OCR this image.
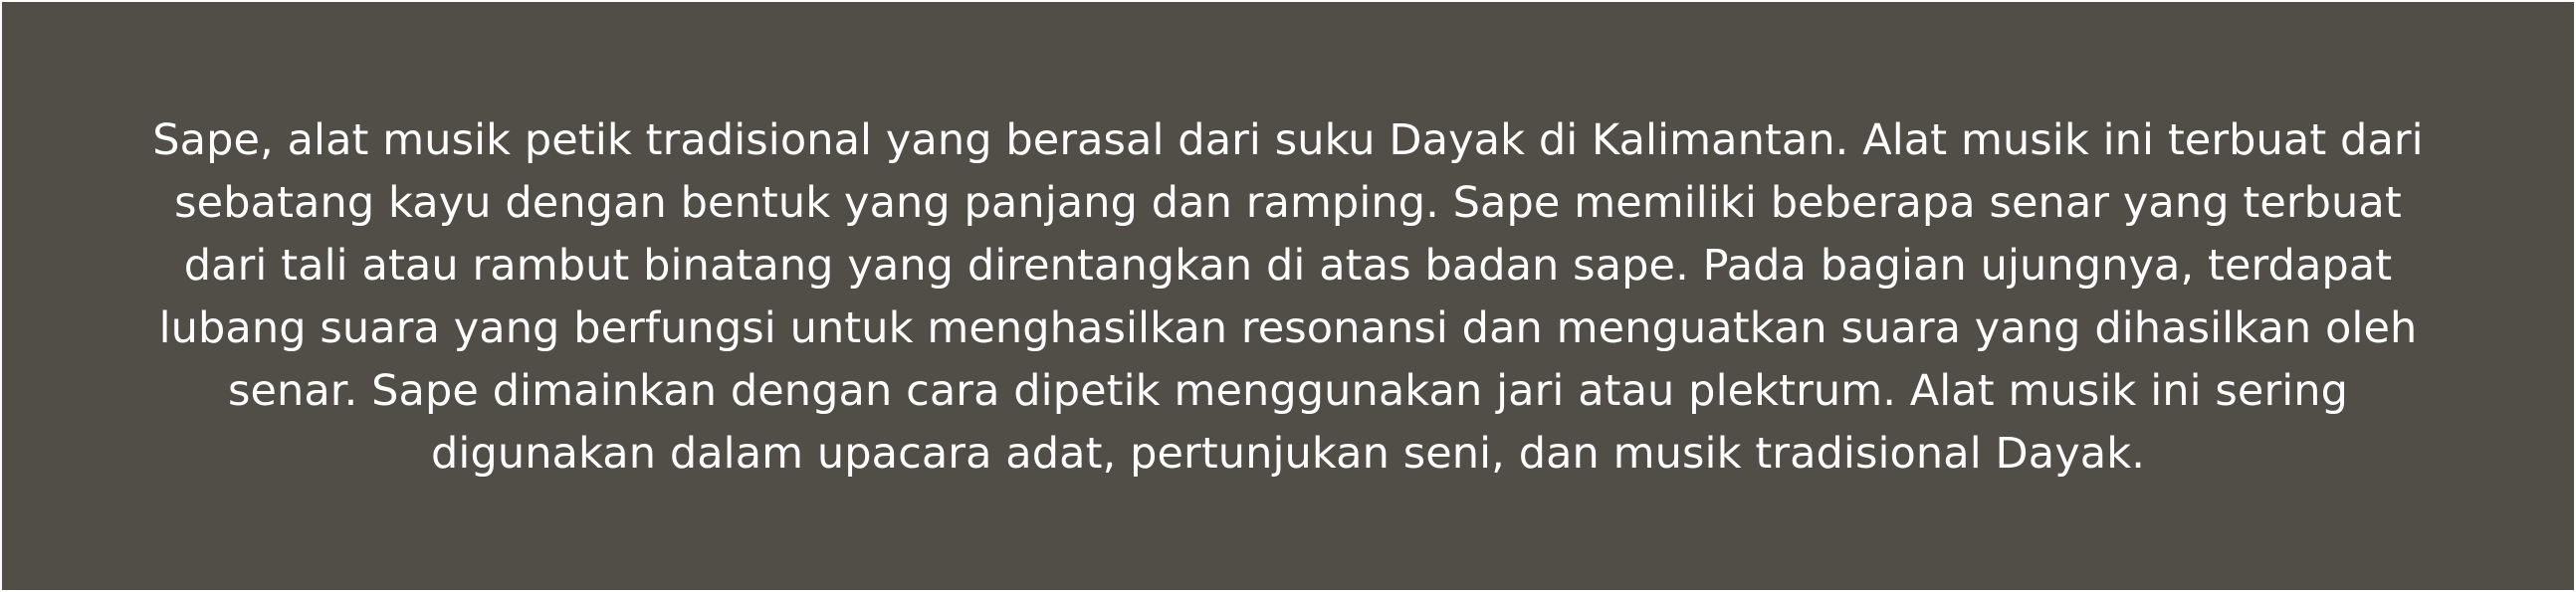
Sape, alat musik petik tradisional yang berasal dari suku Dayak di Kalimantan. Alat musik ini terbuat dari
sebatang kayu dengan bentuk yang panjang dan ramping. Sape memiliki beberapa senar yang terbuat
dari tali atau rambut binatang yang direntangkan di atas badan sape. Pada bagian ujungnya, terdapat
lubang suara yang berfungsi untuk menghasilkan resonansi dan menguatkan suara yang dihasilkan oleh
senar. Sape dimainkan dengan cara dipetik menggunakan jari atau plektrum. Alat musik ini sering
digunakan dalam upacara adat, pertunjukan seni, dan musik tradisional Dayak.
